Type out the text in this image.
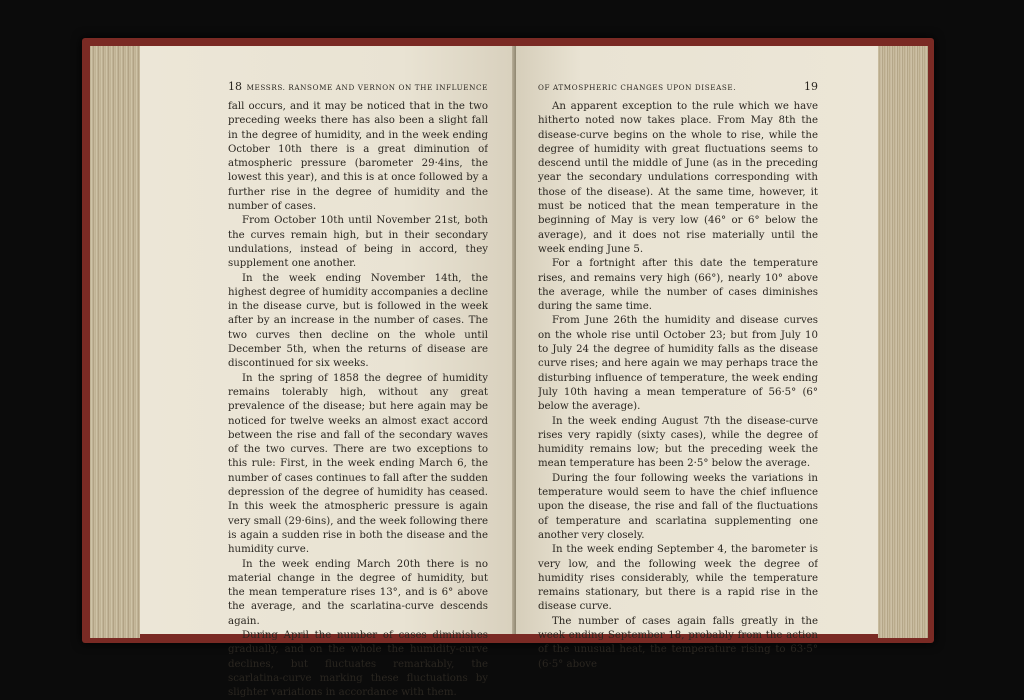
18 MESSRS. RANSOME AND VERNON ON THE INFLUENCE

fall occurs, and it may be noticed that in the two preceding weeks there has also been a slight fall in the degree of humidity, and in the week ending October 10th there is a great diminution of atmospheric pressure (barometer 29·4ins, the lowest this year), and this is at once followed by a further rise in the degree of humidity and the number of cases.

From October 10th until November 21st, both the curves remain high, but in their secondary undulations, instead of being in accord, they supplement one another.

In the week ending November 14th, the highest degree of humidity accompanies a decline in the disease curve, but is followed in the week after by an increase in the number of cases. The two curves then decline on the whole until December 5th, when the returns of disease are discontinued for six weeks.

In the spring of 1858 the degree of humidity remains tolerably high, without any great prevalence of the disease; but here again may be noticed for twelve weeks an almost exact accord between the rise and fall of the secondary waves of the two curves. There are two exceptions to this rule: First, in the week ending March 6, the number of cases continues to fall after the sudden depression of the degree of humidity has ceased. In this week the atmospheric pressure is again very small (29·6ins), and the week following there is again a sudden rise in both the disease and the humidity curve.

In the week ending March 20th there is no material change in the degree of humidity, but the mean temperature rises 13°, and is 6° above the average, and the scarlatina-curve descends again.

During April the number of cases diminishes gradually, and on the whole the humidity-curve declines, but fluctuates remarkably, the scarlatina-curve marking these fluctuations by slighter variations in accordance with them.

OF ATMOSPHERIC CHANGES UPON DISEASE.	19

An apparent exception to the rule which we have hitherto noted now takes place. From May 8th the disease-curve begins on the whole to rise, while the degree of humidity with great fluctuations seems to descend until the middle of June (as in the preceding year the secondary undulations corresponding with those of the disease). At the same time, however, it must be noticed that the mean temperature in the beginning of May is very low (46° or 6° below the average), and it does not rise materially until the week ending June 5.

For a fortnight after this date the temperature rises, and remains very high (66°), nearly 10° above the average, while the number of cases diminishes during the same time.

From June 26th the humidity and disease curves on the whole rise until October 23; but from July 10 to July 24 the degree of humidity falls as the disease curve rises; and here again we may perhaps trace the disturbing influence of temperature, the week ending July 10th having a mean temperature of 56·5° (6° below the average).

In the week ending August 7th the disease-curve rises very rapidly (sixty cases), while the degree of humidity remains low; but the preceding week the mean temperature has been 2·5° below the average.

During the four following weeks the variations in temperature would seem to have the chief influence upon the disease, the rise and fall of the fluctuations of temperature and scarlatina supplementing one another very closely.

In the week ending September 4, the barometer is very low, and the following week the degree of humidity rises considerably, while the temperature remains stationary, but there is a rapid rise in the disease curve.

The number of cases again falls greatly in the week ending September 18, probably from the action of the unusual heat, the temperature rising to 63·5° (6·5° above
